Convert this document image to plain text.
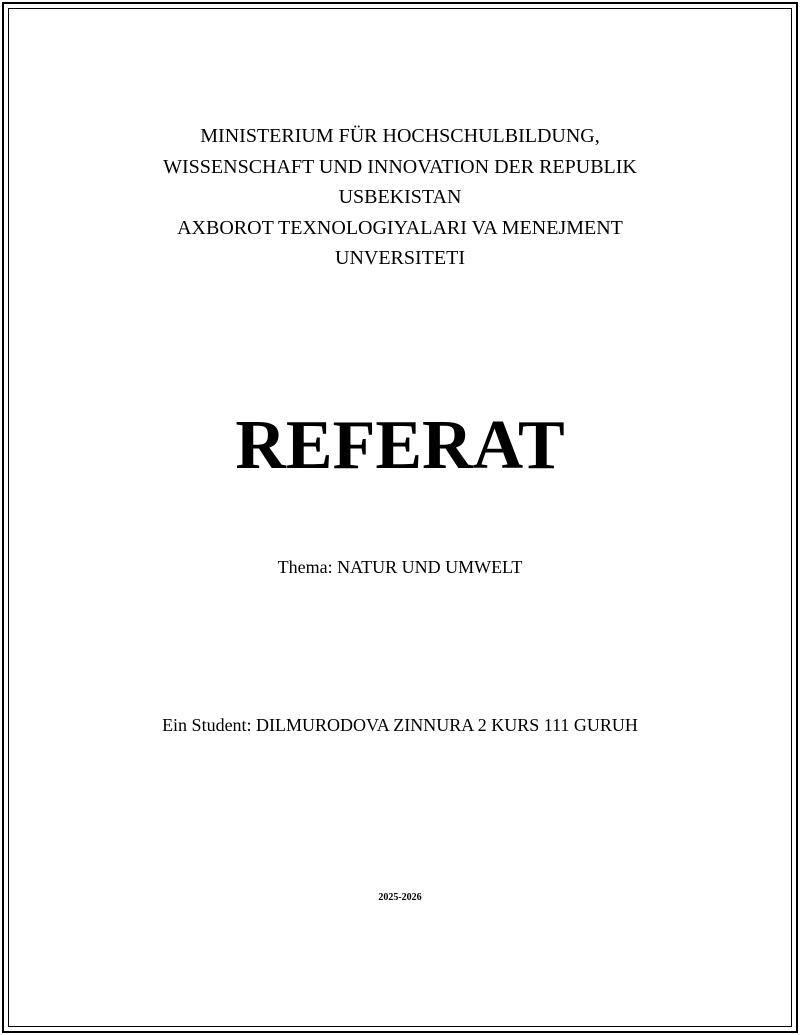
MINISTERIUM FÜR HOCHSCHULBILDUNG,
WISSENSCHAFT UND INNOVATION DER REPUBLIK
USBEKISTAN
AXBOROT TEXNOLOGIYALARI VA MENEJMENT
UNVERSITETI
REFERAT
Thema: NATUR UND UMWELT
Ein Student: DILMURODOVA ZINNURA 2 KURS 111 GURUH
2025-2026
